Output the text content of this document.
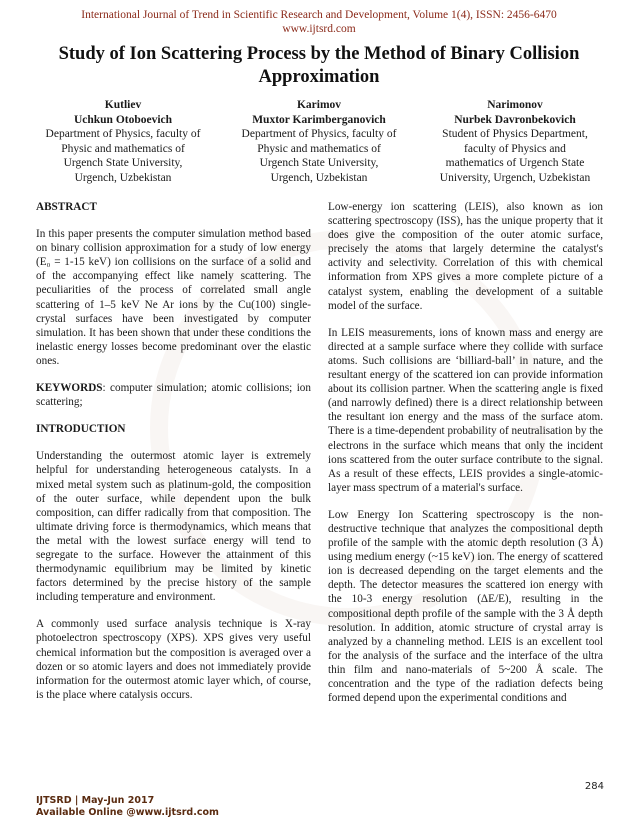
International Journal of Trend in Scientific Research and Development, Volume 1(4), ISSN: 2456-6470
www.ijtsrd.com
Study of Ion Scattering Process by the Method of Binary Collision Approximation
Kutliev
Uchkun Otoboevich
Department of Physics, faculty of
Physic and mathematics of
Urgench State University,
Urgench, Uzbekistan
Karimov
Muxtor Karimberganovich
Department of Physics, faculty of
Physic and mathematics of
Urgench State University,
Urgench, Uzbekistan
Narimonov
Nurbek Davronbekovich
Student of Physics Department,
faculty of Physics and
mathematics of Urgench State
University, Urgench, Uzbekistan
ABSTRACT

In this paper presents the computer simulation method based on binary collision approximation for a study of low energy (E₀ = 1-15 keV) ion collisions on the surface of a solid and of the accompanying effect like namely scattering. The peculiarities of the process of correlated small angle scattering of 1–5 keV Ne Ar ions by the Cu(100) single-crystal surfaces have been investigated by computer simulation. It has been shown that under these conditions the inelastic energy losses become predominant over the elastic ones.

KEYWORDS: computer simulation; atomic collisions; ion scattering;

INTRODUCTION

Understanding the outermost atomic layer is extremely helpful for understanding heterogeneous catalysts. In a mixed metal system such as platinum-gold, the composition of the outer surface, while dependent upon the bulk composition, can differ radically from that composition. The ultimate driving force is thermodynamics, which means that the metal with the lowest surface energy will tend to segregate to the surface. However the attainment of this thermodynamic equilibrium may be limited by kinetic factors determined by the precise history of the sample including temperature and environment.

A commonly used surface analysis technique is X-ray photoelectron spectroscopy (XPS). XPS gives very useful chemical information but the composition is averaged over a dozen or so atomic layers and does not immediately provide information for the outermost atomic layer which, of course, is the place where catalysis occurs.

Low-energy ion scattering (LEIS), also known as ion scattering spectroscopy (ISS), has the unique property that it does give the composition of the outer atomic surface, precisely the atoms that largely determine the catalyst's activity and selectivity. Correlation of this with chemical information from XPS gives a more complete picture of a catalyst system, enabling the development of a suitable model of the surface.

In LEIS measurements, ions of known mass and energy are directed at a sample surface where they collide with surface atoms. Such collisions are ‘billiard-ball’ in nature, and the resultant energy of the scattered ion can provide information about its collision partner. When the scattering angle is fixed (and narrowly defined) there is a direct relationship between the resultant ion energy and the mass of the surface atom. There is a time-dependent probability of neutralisation by the electrons in the surface which means that only the incident ions scattered from the outer surface contribute to the signal. As a result of these effects, LEIS provides a single-atomic-layer mass spectrum of a material's surface.

Low Energy Ion Scattering spectroscopy is the non-destructive technique that analyzes the compositional depth profile of the sample with the atomic depth resolution (3 Å) using medium energy (~15 keV) ion. The energy of scattered ion is decreased depending on the target elements and the depth. The detector measures the scattered ion energy with the 10-3 energy resolution (ΔE/E), resulting in the compositional depth profile of the sample with the 3 Å depth resolution. In addition, atomic structure of crystal array is analyzed by a channeling method. LEIS is an excellent tool for the analysis of the surface and the interface of the ultra thin film and nano-materials of 5~200 Å scale. The concentration and the type of the radiation defects being formed depend upon the experimental conditions and

284
IJTSRD | May-Jun 2017
Available Online @www.ijtsrd.com
